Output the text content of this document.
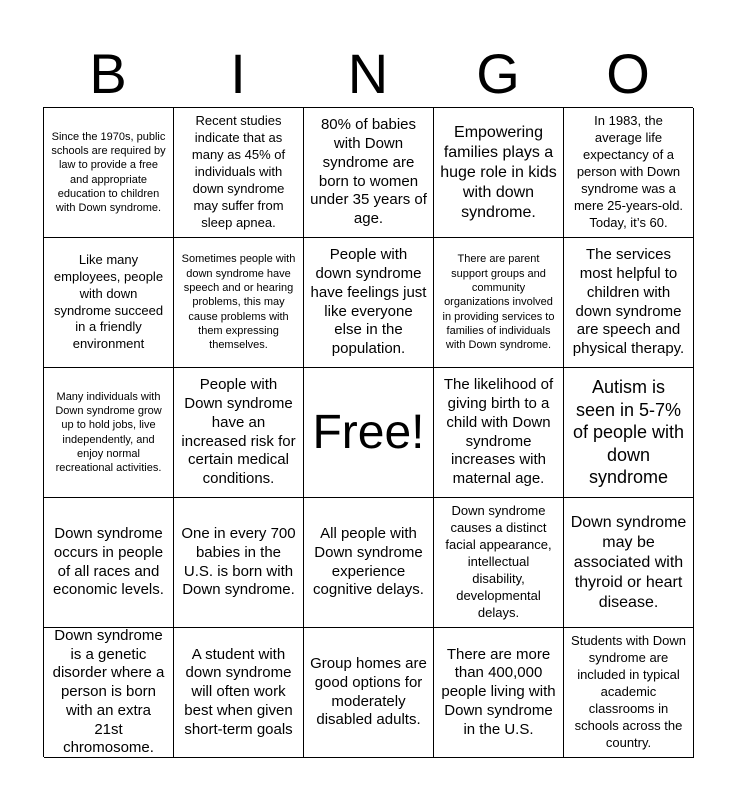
B	I	N	G	O
Since the 1970s, public schools are required by law to provide a free and appropriate education to children with Down syndrome.
Recent studies indicate that as many as 45% of individuals with down syndrome may suffer from sleep apnea.
80% of babies with Down syndrome are born to women under 35 years of age.
Empowering families plays a huge role in kids with down syndrome.
In 1983, the average life expectancy of a person with Down syndrome was a mere 25-years-old. Today, it’s 60.
Like many employees, people with down syndrome succeed in a friendly environment
Sometimes people with down syndrome have speech and or hearing problems, this may cause problems with them expressing themselves.
People with down syndrome have feelings just like everyone else in the population.
There are parent support groups and community organizations involved in providing services to families of individuals with Down syndrome.
The services most helpful to children with down syndrome are speech and physical therapy.
Many individuals with Down syndrome grow up to hold jobs, live independently, and enjoy normal recreational activities.
People with Down syndrome have an increased risk for certain medical conditions.
Free!
The likelihood of giving birth to a child with Down syndrome increases with maternal age.
Autism is seen in 5-7% of people with down syndrome
Down syndrome occurs in people of all races and economic levels.
One in every 700 babies in the U.S. is born with Down syndrome.
All people with Down syndrome experience cognitive delays.
Down syndrome causes a distinct facial appearance, intellectual disability, developmental delays.
Down syndrome may be associated with thyroid or heart disease.
Down syndrome is a genetic disorder where a person is born with an extra 21st chromosome.
A student with down syndrome will often work best when given short-term goals
Group homes are good options for moderately disabled adults.
There are more than 400,000 people living with Down syndrome in the U.S.
Students with Down syndrome are included in typical academic classrooms in schools across the country.
